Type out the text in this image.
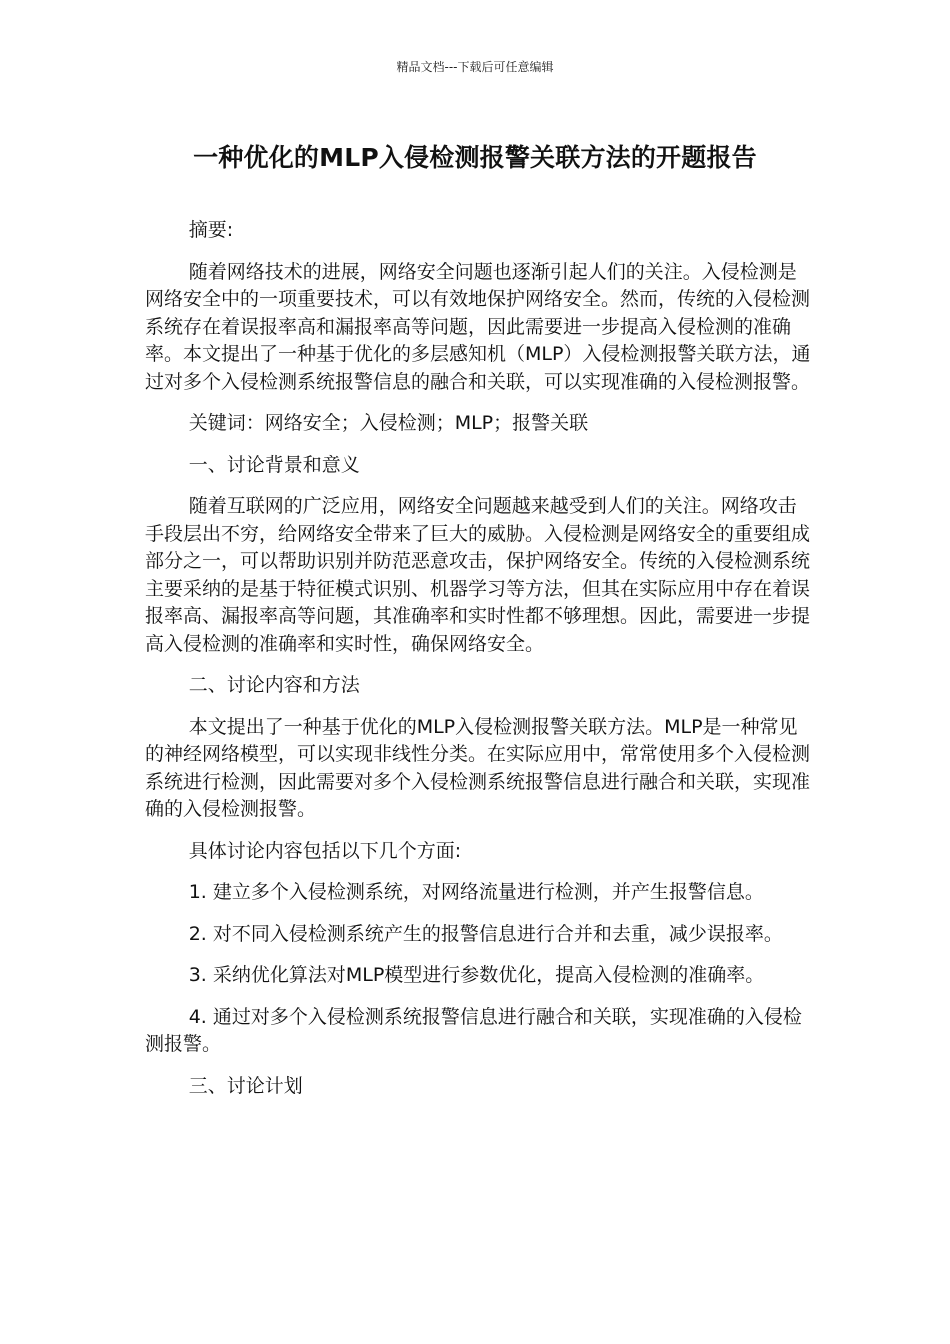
精品文档---下载后可任意编辑
一种优化的MLP入侵检测报警关联方法的开题报告

摘要:

随着网络技术的进展，网络安全问题也逐渐引起人们的关注。入侵检测是网络安全中的一项重要技术，可以有效地保护网络安全。然而，传统的入侵检测系统存在着误报率高和漏报率高等问题，因此需要进一步提高入侵检测的准确率。本文提出了一种基于优化的多层感知机（MLP）入侵检测报警关联方法，通过对多个入侵检测系统报警信息的融合和关联，可以实现准确的入侵检测报警。

关键词：网络安全；入侵检测；MLP；报警关联

一、讨论背景和意义

随着互联网的广泛应用，网络安全问题越来越受到人们的关注。网络攻击手段层出不穷，给网络安全带来了巨大的威胁。入侵检测是网络安全的重要组成部分之一，可以帮助识别并防范恶意攻击，保护网络安全。传统的入侵检测系统主要采纳的是基于特征模式识别、机器学习等方法，但其在实际应用中存在着误报率高、漏报率高等问题，其准确率和实时性都不够理想。因此，需要进一步提高入侵检测的准确率和实时性，确保网络安全。

二、讨论内容和方法

本文提出了一种基于优化的MLP入侵检测报警关联方法。MLP是一种常见的神经网络模型，可以实现非线性分类。在实际应用中，常常使用多个入侵检测系统进行检测，因此需要对多个入侵检测系统报警信息进行融合和关联，实现准确的入侵检测报警。

具体讨论内容包括以下几个方面:

1. 建立多个入侵检测系统，对网络流量进行检测，并产生报警信息。

2. 对不同入侵检测系统产生的报警信息进行合并和去重，减少误报率。

3. 采纳优化算法对MLP模型进行参数优化，提高入侵检测的准确率。

4. 通过对多个入侵检测系统报警信息进行融合和关联，实现准确的入侵检测报警。

三、讨论计划
